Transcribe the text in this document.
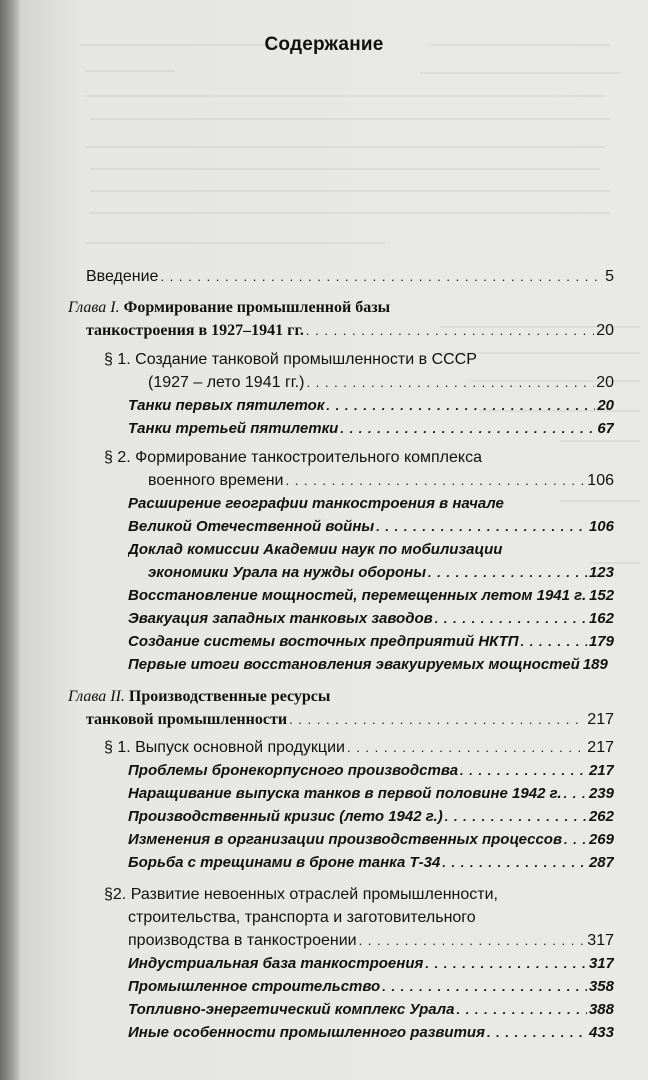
Содержание
Введение . . .	5
Глава I. Формирование промышленной базы
танкостроения в 1927–1941 гг. . . .	20
§ 1. Создание танковой промышленности в СССР
(1927 – лето 1941 гг.) . . .	20
Танки первых пятилеток . . .	20
Танки третьей пятилетки . . .	67
§ 2. Формирование танкостроительного комплекса
военного времени . . .	106
Расширение географии танкостроения в начале
Великой Отечественной войны . . .	106
Доклад комиссии Академии наук по мобилизации
экономики Урала на нужды обороны . . .	123
Восстановление мощностей, перемещенных летом 1941 г. 152
Эвакуация западных танковых заводов . . .	162
Создание системы восточных предприятий НКТП . . .	179
Первые итоги восстановления эвакуируемых мощностей 189
Глава II. Производственные ресурсы
танковой промышленности . . .	217
§ 1. Выпуск основной продукции . . .	217
Проблемы бронекорпусного производства . . .	217
Наращивание выпуска танков в первой половине 1942 г. . . . 239
Производственный кризис (лето 1942 г.) . . .	262
Изменения в организации производственных процессов . . . 269
Борьба с трещинами в броне танка Т-34 . . .	287
§2. Развитие невоенных отраслей промышленности,
строительства, транспорта и заготовительного
производства в танкостроении . . .	317
Индустриальная база танкостроения . . .	317
Промышленное строительство . . .	358
Топливно-энергетический комплекс Урала . . .	388
Иные особенности промышленного развития . . .	433
